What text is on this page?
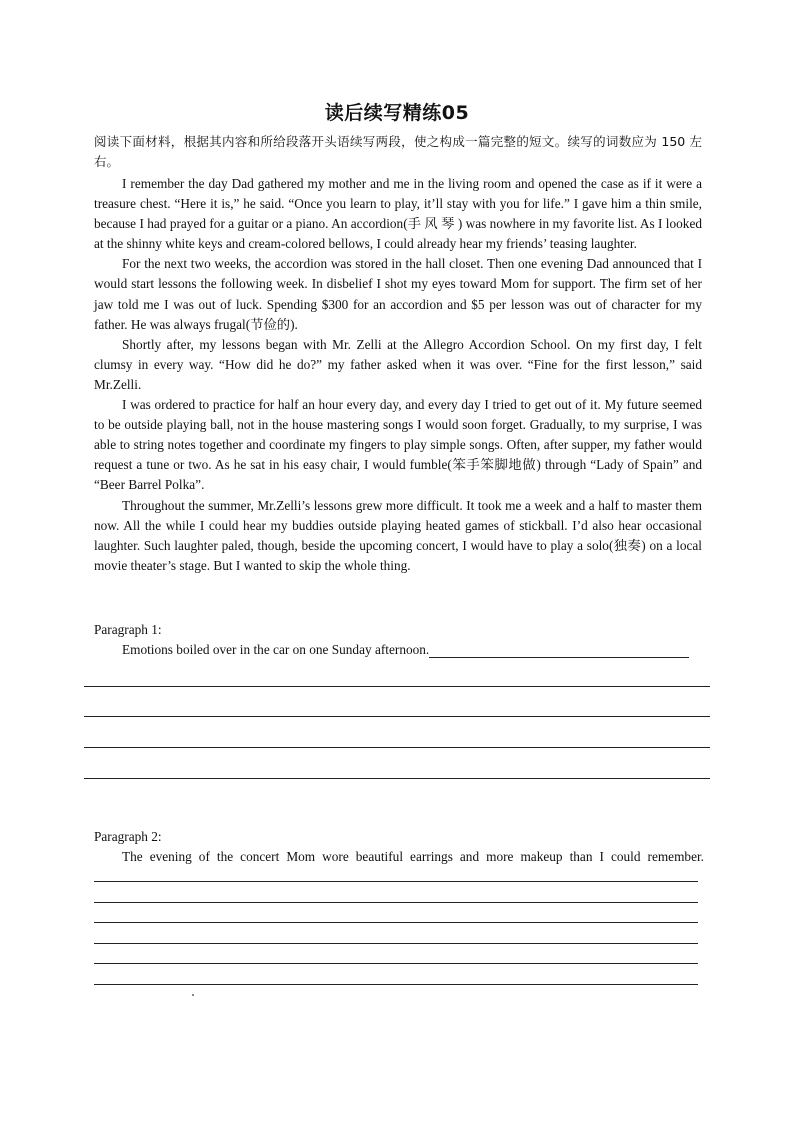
读后续写精练05
阅读下面材料，根据其内容和所给段落开头语续写两段，使之构成一篇完整的短文。续写的词数应为 150 左右。

I remember the day Dad gathered my mother and me in the living room and opened the case as if it were a treasure chest. “Here it is,” he said. “Once you learn to play, it’ll stay with you for life.” I gave him a thin smile, because I had prayed for a guitar or a piano. An accordion(手 风 琴 ) was nowhere in my favorite list. As I looked at the shinny white keys and cream-colored bellows, I could already hear my friends’ teasing laughter.

For the next two weeks, the accordion was stored in the hall closet. Then one evening Dad announced that I would start lessons the following week. In disbelief I shot my eyes toward Mom for support. The firm set of her jaw told me I was out of luck. Spending $300 for an accordion and $5 per lesson was out of character for my father. He was always frugal(节俭的).

Shortly after, my lessons began with Mr. Zelli at the Allegro Accordion School. On my first day, I felt clumsy in every way. “How did he do?” my father asked when it was over. “Fine for the first lesson,” said Mr.Zelli.

I was ordered to practice for half an hour every day, and every day I tried to get out of it. My future seemed to be outside playing ball, not in the house mastering songs I would soon forget. Gradually, to my surprise, I was able to string notes together and coordinate my fingers to play simple songs. Often, after supper, my father would request a tune or two. As he sat in his easy chair, I would fumble(笨手笨脚地做) through “Lady of Spain” and “Beer Barrel Polka”.

Throughout the summer, Mr.Zelli’s lessons grew more difficult. It took me a week and a half to master them now. All the while I could hear my buddies outside playing heated games of stickball. I’d also hear occasional laughter. Such laughter paled, though, beside the upcoming concert, I would have to play a solo(独奏) on a local movie theater’s stage. But I wanted to skip the whole thing.

Paragraph 1:
Emotions boiled over in the car on one Sunday afternoon.
Paragraph 2:
The evening of the concert Mom wore beautiful earrings and more makeup than I could remember.
